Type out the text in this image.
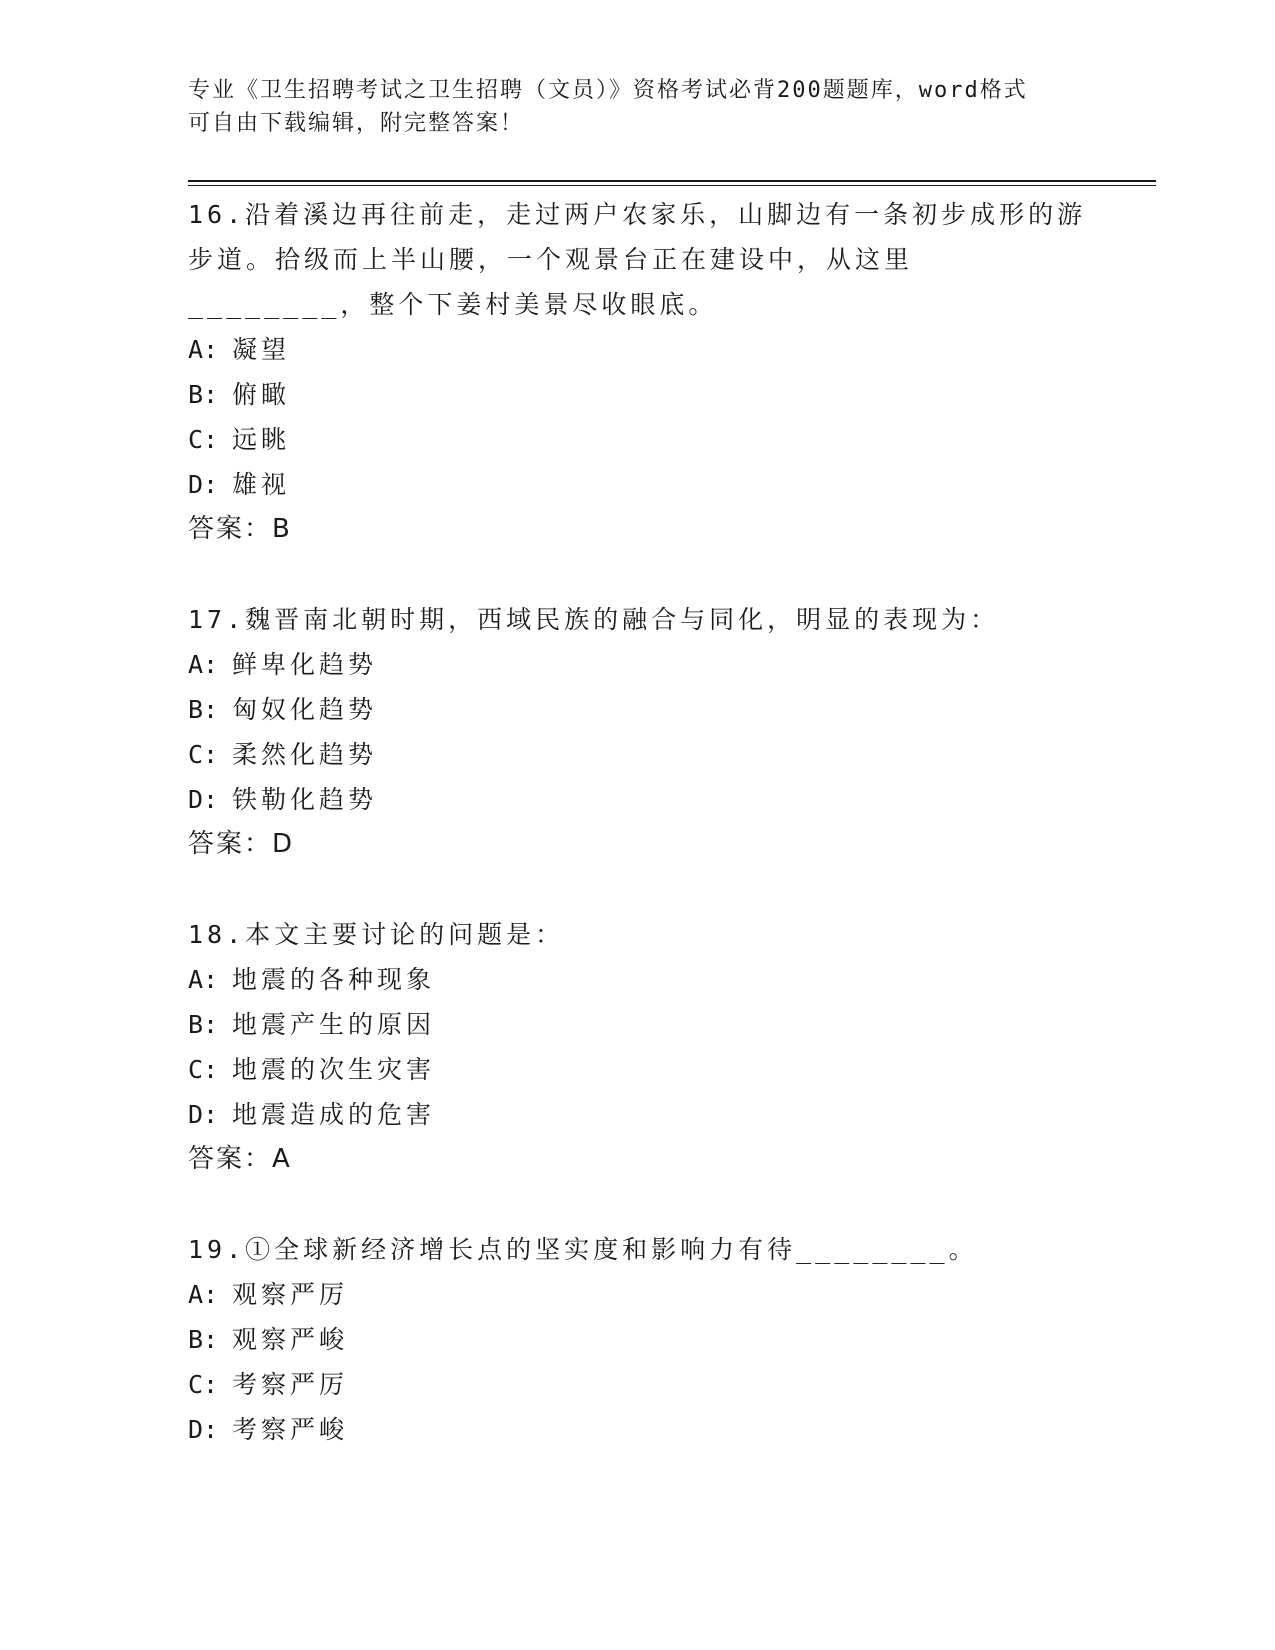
专业《卫生招聘考试之卫生招聘（文员）》资格考试必背200题题库，word格式
可自由下载编辑，附完整答案！

16.沿着溪边再往前走，走过两户农家乐，山脚边有一条初步成形的游步道。拾级而上半山腰，一个观景台正在建设中，从这里________，整个下姜村美景尽收眼底。

A: 凝望

B: 俯瞰

C: 远眺

D: 雄视

答案：B

17.魏晋南北朝时期，西域民族的融合与同化，明显的表现为：

A: 鲜卑化趋势

B: 匈奴化趋势

C: 柔然化趋势

D: 铁勒化趋势

答案：D

18.本文主要讨论的问题是：

A: 地震的各种现象

B: 地震产生的原因

C: 地震的次生灾害

D: 地震造成的危害

答案：A

19.①全球新经济增长点的坚实度和影响力有待________。

A: 观察严厉

B: 观察严峻

C: 考察严厉

D: 考察严峻
